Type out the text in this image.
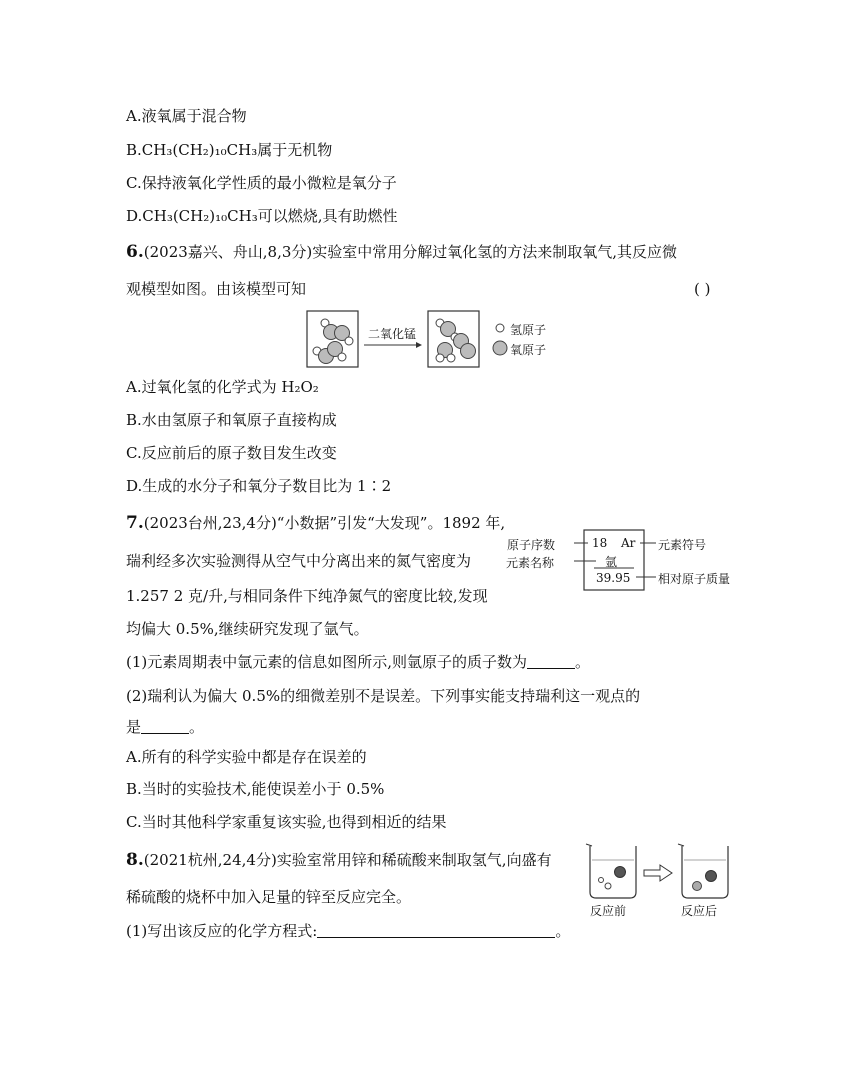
A.液氧属于混合物
B.CH₃(CH₂)₁₀CH₃属于无机物
C.保持液氧化学性质的最小微粒是氧分子
D.CH₃(CH₂)₁₀CH₃可以燃烧,具有助燃性
6.(2023嘉兴、舟山,8,3分)实验室中常用分解过氧化氢的方法来制取氧气,其反应微
观模型如图。由该模型可知	( )
二氧化锰	氢原子
氧原子
A.过氧化氢的化学式为 H₂O₂
B.水由氢原子和氧原子直接构成
C.反应前后的原子数目发生改变
D.生成的水分子和氧分子数目比为 1∶2
7.(2023台州,23,4分)“小数据”引发“大发现”。1892 年,
瑞利经多次实验测得从空气中分离出来的氮气密度为
1.257 2 克/升,与相同条件下纯净氮气的密度比较,发现
均偏大 0.5%,继续研究发现了氩气。
原子序数
元素名称
18 Ar
氩
39.95
元素符号
相对原子质量
(1)元素周期表中氩元素的信息如图所示,则氩原子的质子数为	。
(2)瑞利认为偏大 0.5%的细微差别不是误差。下列事实能支持瑞利这一观点的
是	。
A.所有的科学实验中都是存在误差的
B.当时的实验技术,能使误差小于 0.5%
C.当时其他科学家重复该实验,也得到相近的结果
8.(2021杭州,24,4分)实验室常用锌和稀硫酸来制取氢气,向盛有
稀硫酸的烧杯中加入足量的锌至反应完全。
反应前	反应后
(1)写出该反应的化学方程式:	。
